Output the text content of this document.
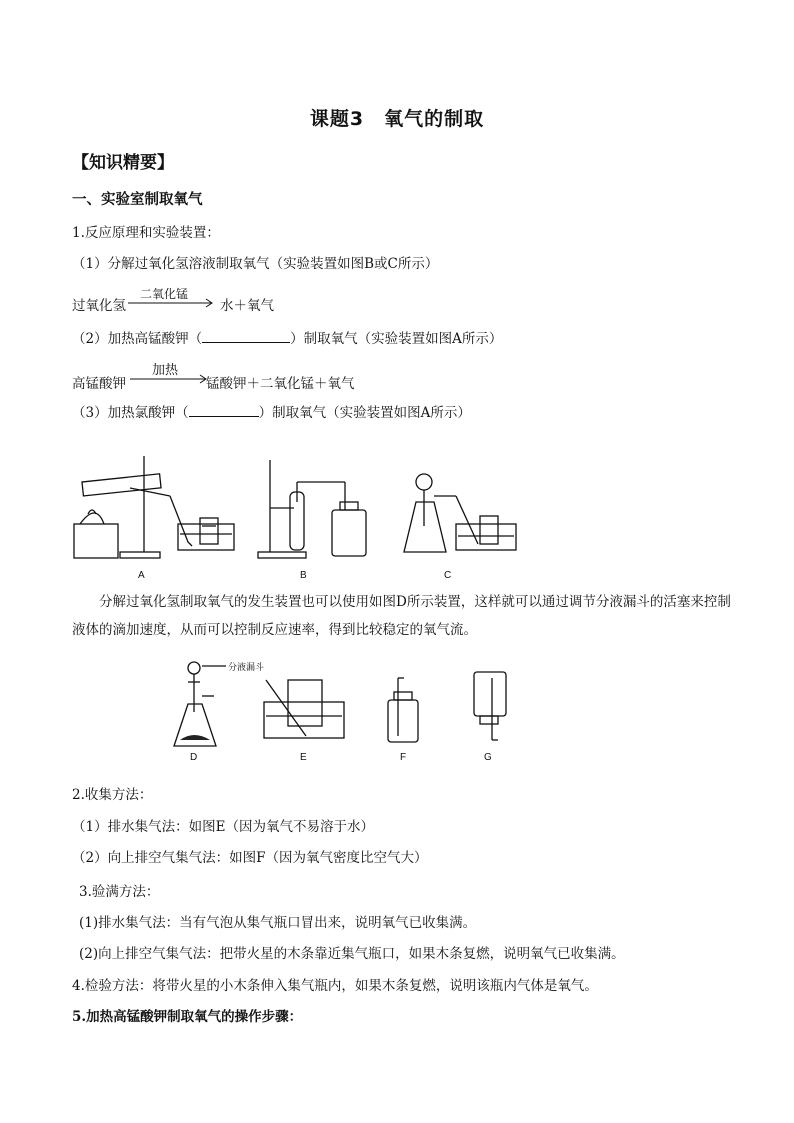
课题3　氧气的制取
【知识精要】
一、实验室制取氧气
1.反应原理和实验装置：
（1）分解过氧化氢溶液制取氧气（实验装置如图B或C所示）
过氧化氢
二氧化锰
水＋氧气
（2）加热高锰酸钾（	）制取氧气（实验装置如图A所示）
高锰酸钾
加热
锰酸钾＋二氧化锰＋氧气
（3）加热氯酸钾（	）制取氧气（实验装置如图A所示）
A	B	C
分解过氧化氢制取氧气的发生装置也可以使用如图D所示装置，这样就可以通过调节分液漏斗的活塞来控制液体的滴加速度，从而可以控制反应速率，得到比较稳定的氧气流。
分液漏斗
D	E	F	G
2.收集方法：
（1）排水集气法：如图E（因为氧气不易溶于水）
（2）向上排空气集气法：如图F（因为氧气密度比空气大）
3.验满方法：
(1)排水集气法：当有气泡从集气瓶口冒出来，说明氧气已收集满。
(2)向上排空气集气法：把带火星的木条靠近集气瓶口，如果木条复燃，说明氧气已收集满。
4.检验方法：将带火星的小木条伸入集气瓶内，如果木条复燃，说明该瓶内气体是氧气。
5.加热高锰酸钾制取氧气的操作步骤：
